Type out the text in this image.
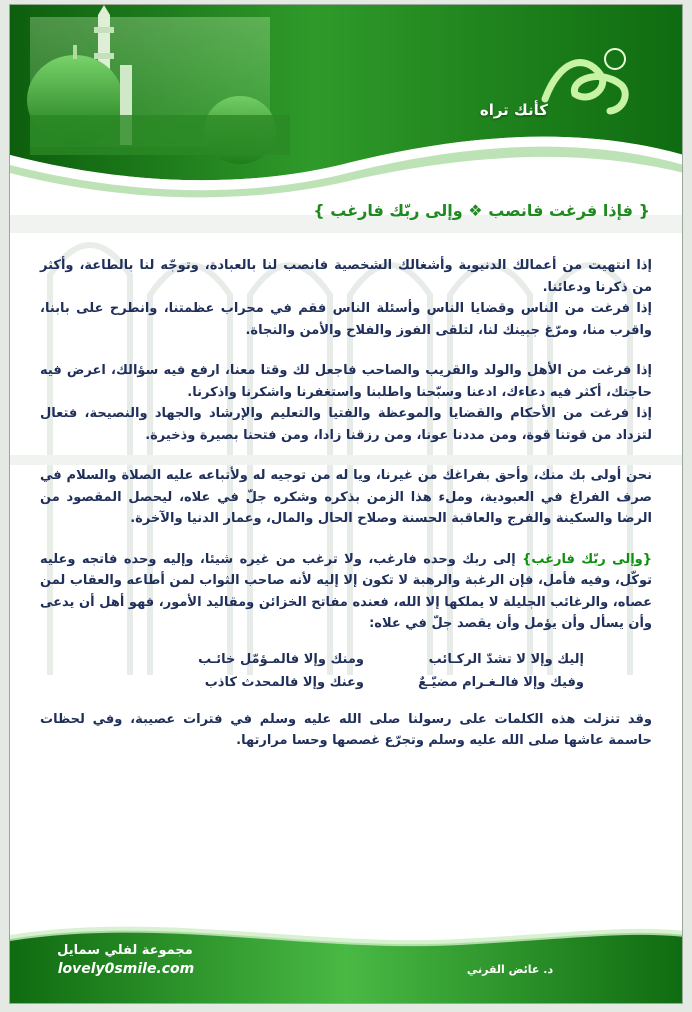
كأنك تراه
{ فإذا فرغت فانصب ❖ وإلى ربّك فارغب }

إذا انتهيت من أعمالك الدنيوية وأشغالك الشخصية فانصب لنا بالعبادة، وتوجّه لنا بالطاعة، وأكثر من ذكرنا ودعائنا.

إذا فرغت من الناس وقضايا الناس وأسئلة الناس فقم في محراب عظمتنا، وانطرح على بابنا، واقرب منا، ومرّغ جبينك لنا، لتلقى الفوز والفلاح والأمن والنجاة.

إذا فرغت من الأهل والولد والقريب والصاحب فاجعل لك وقتا معنا، ارفع فيه سؤالك، اعرض فيه حاجتك، أكثر فيه دعاءك، ادعنا وسبّحنا واطلبنا واستغفرنا واشكرنا واذكرنا.

إذا فرغت من الأحكام والقضايا والموعظة والفتيا والتعليم والإرشاد والجهاد والنصيحة، فتعال لتزداد من قوتنا قوة، ومن مددنا عونا، ومن رزقنا زادا، ومن فتحنا بصيرة وذخيرة.

نحن أولى بك منك، وأحق بفراغك من غيرنا، ويا له من توجيه له ولأتباعه عليه الصلاة والسلام في صرف الفراغ في العبودية، وملء هذا الزمن بذكره وشكره جلّ في علاه، ليحصل المقصود من الرضا والسكينة والفرج والعاقبة الحسنة وصلاح الحال والمال، وعمار الدنيا والآخرة.

{وإلى ربّك فارغب} إلى ربك وحده فارغب، ولا ترغب من غيره شيئا، وإليه وحده فاتجه وعليه توكّل، وفيه فأمل، فإن الرغبة والرهبة لا تكون إلا إليه لأنه صاحب الثواب لمن أطاعه والعقاب لمن عصاه، والرغائب الجليلة لا يملكها إلا الله، فعنده مفاتح الخزائن ومقاليد الأمور، فهو أهل أن يدعى وأن يسأل وأن يؤمل وأن يقصد جلّ في علاه:

إليك وإلا لا تشدّ الركـائب
ومنك وإلا فالمـؤمّل خائـب
وفيك وإلا فالـغـرام مضيّـعٌ
وعنك وإلا فالمحدث كاذب

وقد تنزلت هذه الكلمات على رسولنا صلى الله عليه وسلم في فترات عصيبة، وفي لحظات حاسمة عاشها صلى الله عليه وسلم وتجرّع غصصها وحسا مرارتها.

مجموعة لفلي سمايل
lovely0smile.com	د. عائض القرني
